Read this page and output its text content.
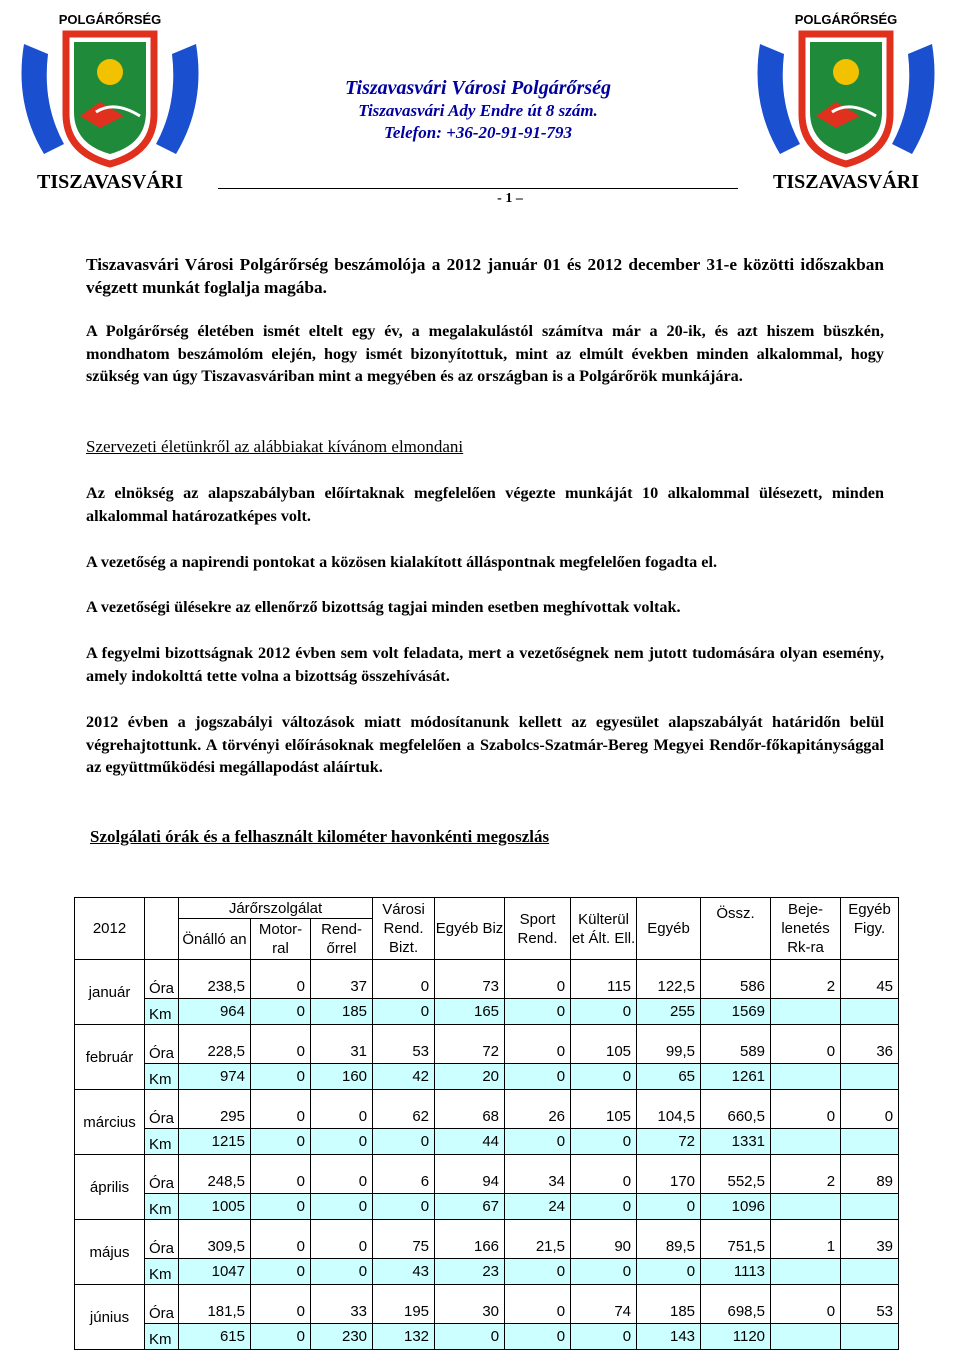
POLGÁRŐRSÉG
TISZAVASVÁRI
POLGÁRŐRSÉG
TISZAVASVÁRI
Tiszavasvári Városi Polgárőrség
Tiszavasvári Ady Endre út 8 szám.
Telefon: +36-20-91-91-793
- 1 –
Tiszavasvári Városi Polgárőrség beszámolója a 2012 január 01 és 2012 december 31-e közötti időszakban végzett munkát foglalja magába.
A Polgárőrség életében ismét eltelt egy év, a megalakulástól számítva már a 20-ik, és azt hiszem büszkén, mondhatom beszámolóm elején, hogy ismét bizonyítottuk, mint az elmúlt években minden alkalommal, hogy szükség van úgy Tiszavasváriban mint a megyében és az országban is a Polgárőrök munkájára.
Szervezeti életünkről az alábbiakat kívánom elmondani
Az elnökség az alapszabályban előírtaknak megfelelően végezte munkáját 10 alkalommal ülésezett, minden alkalommal határozatképes volt.
A vezetőség a napirendi pontokat a közösen kialakított álláspontnak megfelelően fogadta el.
A vezetőségi ülésekre az ellenőrző bizottság tagjai minden esetben meghívottak voltak.
A fegyelmi bizottságnak 2012 évben sem volt feladata, mert a vezetőségnek nem jutott tudomására olyan esemény, amely indokolttá tette volna a bizottság összehívását.
2012 évben a jogszabályi változások miatt módosítanunk kellett az egyesület alapszabályát határidőn belül végrehajtottunk. A törvényi előírásoknak megfelelően a Szabolcs-Szatmár-Bereg Megyei Rendőr-főkapitánysággal az együttműködési megállapodást aláírtuk.
Szolgálati órák és a felhasznált kilométer havonkénti megoszlás
2012		Járőrszolgálat			Városi Rend. Bizt.	Egyéb Biz	Sport Rend.	Külterül et Ált. Ell.	Egyéb	Össz.	Beje-lenetés Rk-ra	Egyéb Figy.
		Önálló an	Motor-ral	Rend-őrrel								
január	Óra	238,5	0	37	0	73	0	115	122,5	586	2	45
	Km	964	0	185	0	165	0	0	255	1569		
február	Óra	228,5	0	31	53	72	0	105	99,5	589	0	36
	Km	974	0	160	42	20	0	0	65	1261		
március	Óra	295	0	0	62	68	26	105	104,5	660,5	0	0
	Km	1215	0	0	0	44	0	0	72	1331		
április	Óra	248,5	0	0	6	94	34	0	170	552,5	2	89
	Km	1005	0	0	0	67	24	0	0	1096		
május	Óra	309,5	0	0	75	166	21,5	90	89,5	751,5	1	39
	Km	1047	0	0	43	23	0	0	0	1113		
június	Óra	181,5	0	33	195	30	0	74	185	698,5	0	53
	Km	615	0	230	132	0	0	0	143	1120		
